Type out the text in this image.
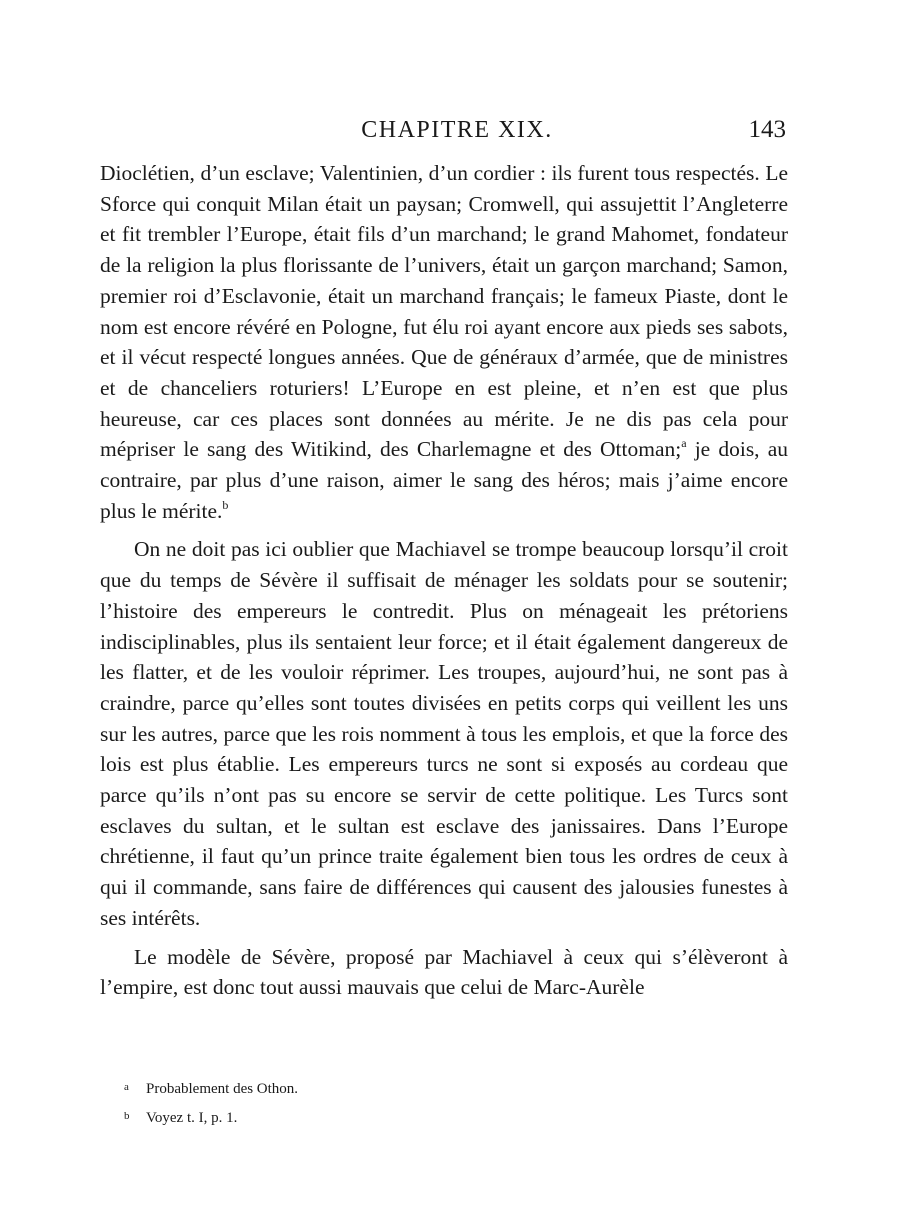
CHAPITRE XIX.	143

Dioclétien, d’un esclave; Valentinien, d’un cordier : ils furent tous respectés. Le Sforce qui conquit Milan était un paysan; Cromwell, qui assujettit l’Angleterre et fit trembler l’Europe, était fils d’un marchand; le grand Mahomet, fondateur de la religion la plus florissante de l’univers, était un garçon marchand; Samon, premier roi d’Esclavonie, était un marchand français; le fameux Piaste, dont le nom est encore révéré en Pologne, fut élu roi ayant encore aux pieds ses sabots, et il vécut respecté longues années. Que de généraux d’armée, que de ministres et de chanceliers roturiers! L’Europe en est pleine, et n’en est que plus heureuse, car ces places sont données au mérite. Je ne dis pas cela pour mépriser le sang des Witikind, des Charlemagne et des Ottoman;$^a$ je dois, au contraire, par plus d’une raison, aimer le sang des héros; mais j’aime encore plus le mérite.$^b$

On ne doit pas ici oublier que Machiavel se trompe beaucoup lorsqu’il croit que du temps de Sévère il suffisait de ménager les soldats pour se soutenir; l’histoire des empereurs le contredit. Plus on ménageait les prétoriens indisciplinables, plus ils sentaient leur force; et il était également dangereux de les flatter, et de les vouloir réprimer. Les troupes, aujourd’hui, ne sont pas à craindre, parce qu’elles sont toutes divisées en petits corps qui veillent les uns sur les autres, parce que les rois nomment à tous les emplois, et que la force des lois est plus établie. Les empereurs turcs ne sont si exposés au cordeau que parce qu’ils n’ont pas su encore se servir de cette politique. Les Turcs sont esclaves du sultan, et le sultan est esclave des janissaires. Dans l’Europe chrétienne, il faut qu’un prince traite également bien tous les ordres de ceux à qui il commande, sans faire de différences qui causent des jalousies funestes à ses intérêts.

Le modèle de Sévère, proposé par Machiavel à ceux qui s’élèveront à l’empire, est donc tout aussi mauvais que celui de Marc-Aurèle

a Probablement des Othon.
b Voyez t. I, p. 1.
